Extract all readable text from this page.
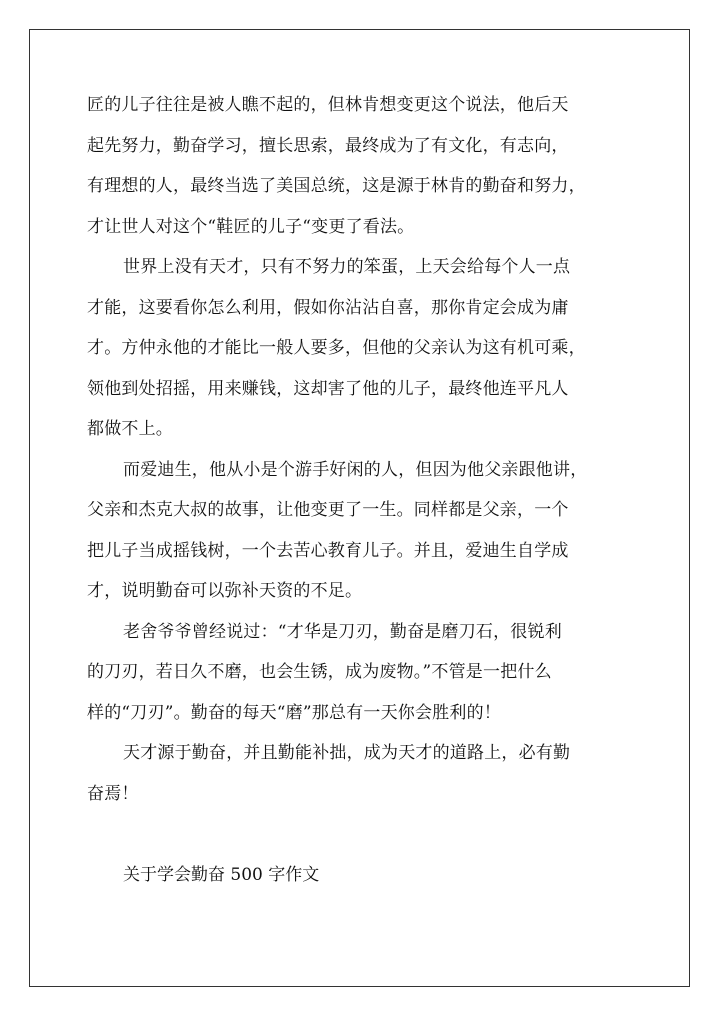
匠的儿子往往是被人瞧不起的，但林肯想变更这个说法，他后天
起先努力，勤奋学习，擅长思索，最终成为了有文化，有志向，
有理想的人，最终当选了美国总统，这是源于林肯的勤奋和努力，
才让世人对这个“鞋匠的儿子“变更了看法。
世界上没有天才，只有不努力的笨蛋，上天会给每个人一点
才能，这要看你怎么利用，假如你沾沾自喜，那你肯定会成为庸
才。方仲永他的才能比一般人要多，但他的父亲认为这有机可乘，
领他到处招摇，用来赚钱，这却害了他的儿子，最终他连平凡人
都做不上。
而爱迪生，他从小是个游手好闲的人，但因为他父亲跟他讲，
父亲和杰克大叔的故事，让他变更了一生。同样都是父亲，一个
把儿子当成摇钱树，一个去苦心教育儿子。并且，爱迪生自学成
才，说明勤奋可以弥补天资的不足。
老舍爷爷曾经说过：“才华是刀刃，勤奋是磨刀石，很锐利
的刀刃，若日久不磨，也会生锈，成为废物。”不管是一把什么
样的“刀刃”。勤奋的每天“磨”那总有一天你会胜利的！
天才源于勤奋，并且勤能补拙，成为天才的道路上，必有勤
奋焉！
关于学会勤奋 500 字作文
